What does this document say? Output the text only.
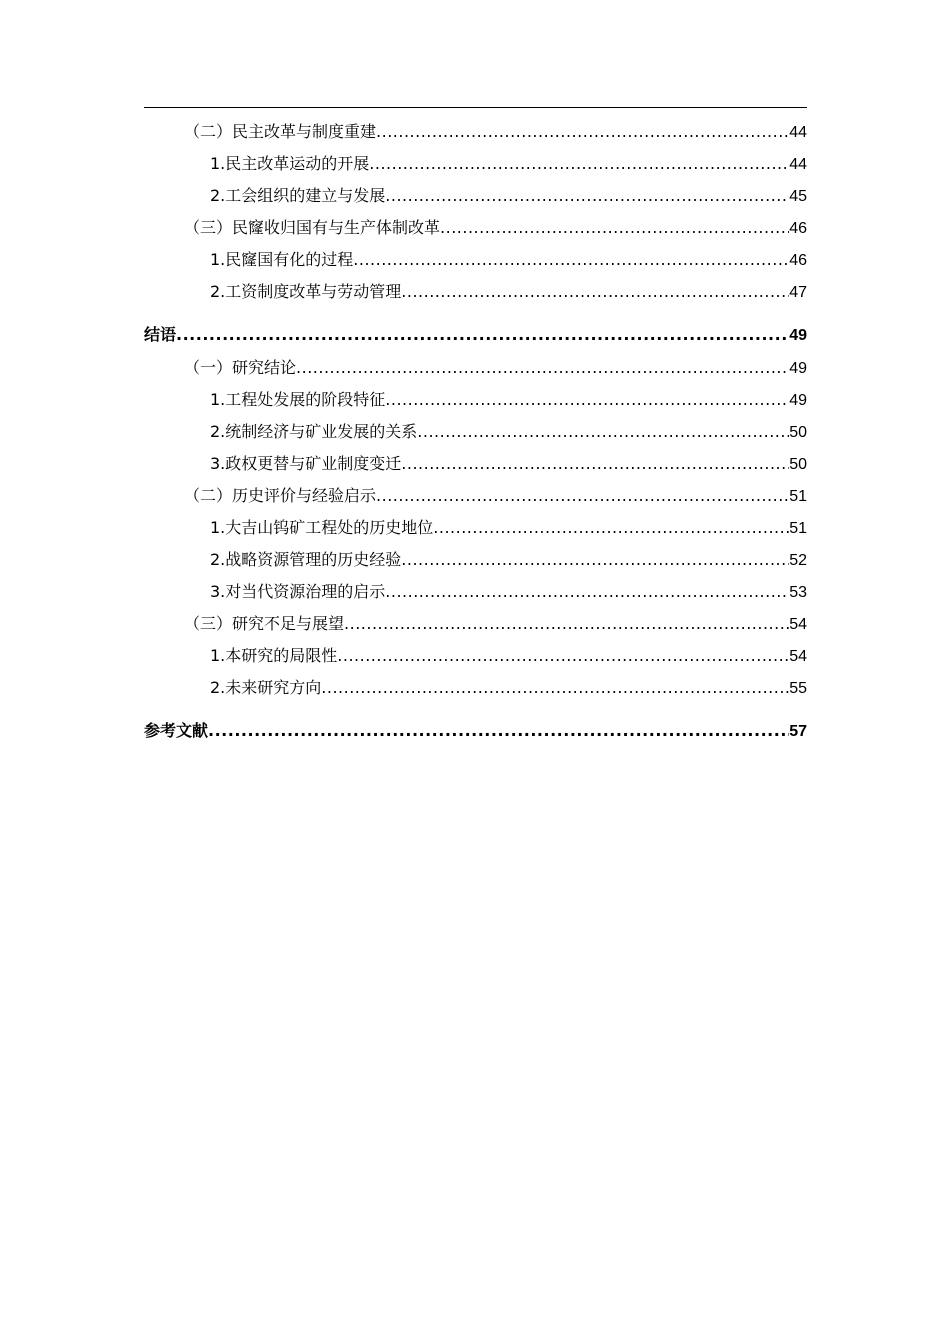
（二）民主改革与制度重建 .....	44
1.民主改革运动的开展 .....	44
2.工会组织的建立与发展 .....	45
（三）民窿收归国有与生产体制改革 .....	46
1.民窿国有化的过程 .....	46
2.工资制度改革与劳动管理 .....	47
结语 .....	49
（一）研究结论 .....	49
1.工程处发展的阶段特征 .....	49
2.统制经济与矿业发展的关系 .....	50
3.政权更替与矿业制度变迁 .....	50
（二）历史评价与经验启示 .....	51
1.大吉山钨矿工程处的历史地位 .....	51
2.战略资源管理的历史经验 .....	52
3.对当代资源治理的启示 .....	53
（三）研究不足与展望 .....	54
1.本研究的局限性 .....	54
2.未来研究方向 .....	55
参考文献 .....	57
